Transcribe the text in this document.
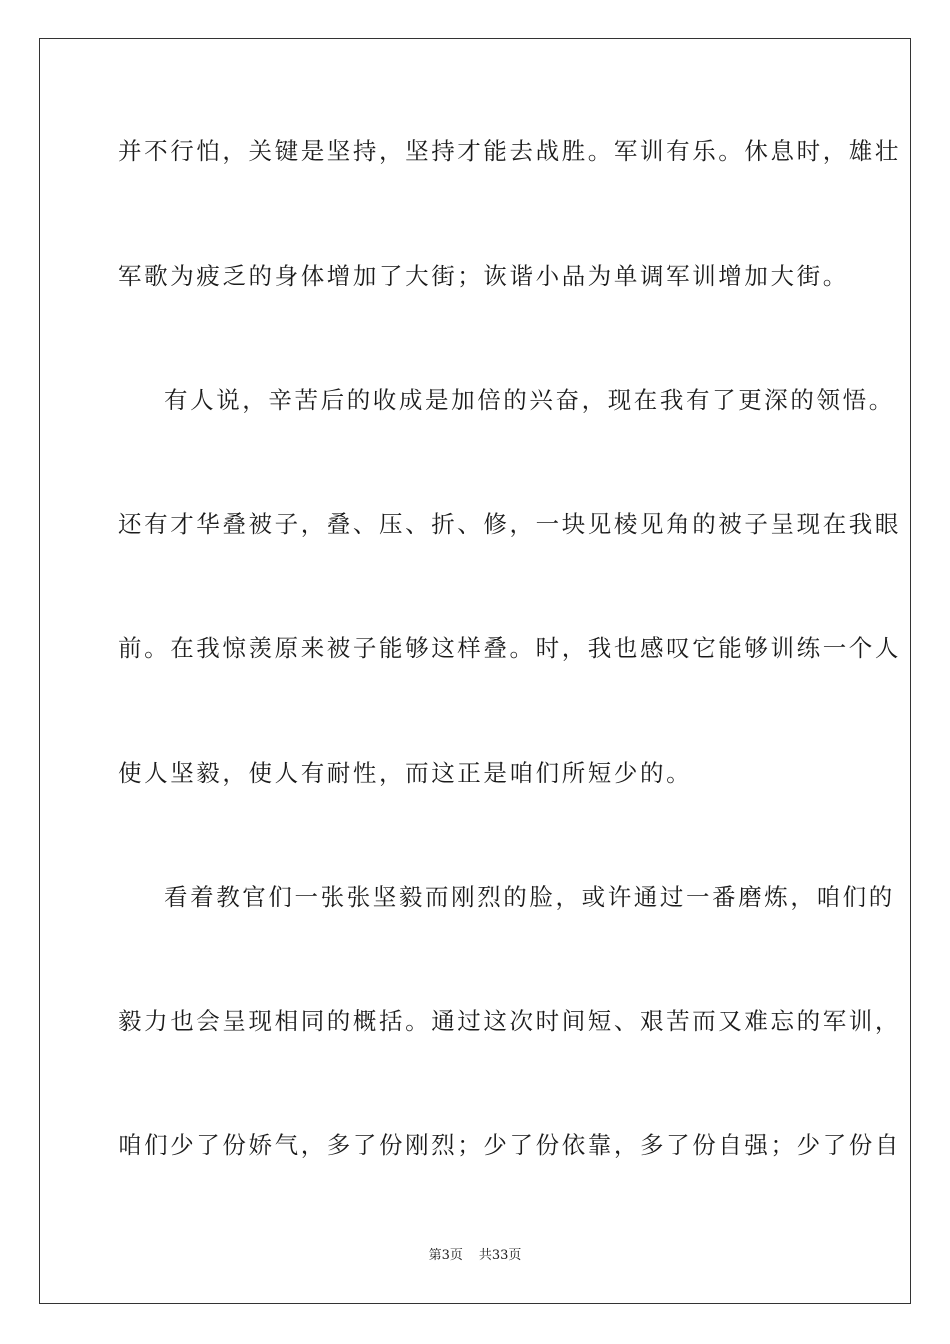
并不行怕，关键是坚持，坚持才能去战胜。军训有乐。休息时，雄壮
军歌为疲乏的身体增加了大街；诙谐小品为单调军训增加大街。
有人说，辛苦后的收成是加倍的兴奋，现在我有了更深的领悟。
还有才华叠被子，叠、压、折、修，一块见棱见角的被子呈现在我眼
前。在我惊羡原来被子能够这样叠。时，我也感叹它能够训练一个人
使人坚毅，使人有耐性，而这正是咱们所短少的。
看着教官们一张张坚毅而刚烈的脸，或许通过一番磨炼，咱们的
毅力也会呈现相同的概括。通过这次时间短、艰苦而又难忘的军训，
咱们少了份娇气，多了份刚烈；少了份依靠，多了份自强；少了份自
第3页 共33页
